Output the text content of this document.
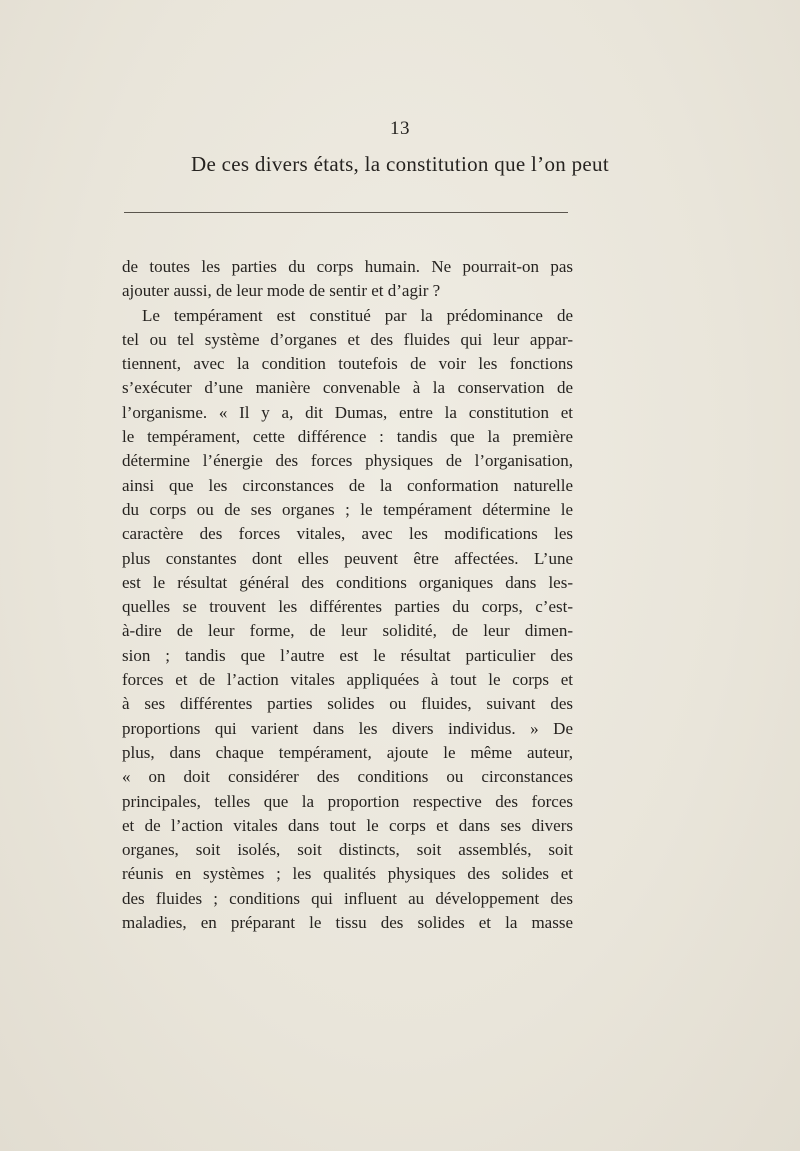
13
De ces divers états, la constitution que l’on peut
de toutes les parties du corps humain. Ne pourrait-on pas
ajouter aussi, de leur mode de sentir et d’agir ?
Le tempérament est constitué par la prédominance de
tel ou tel système d’organes et des fluides qui leur appar-
tiennent, avec la condition toutefois de voir les fonctions
s’exécuter d’une manière convenable à la conservation de
l’organisme. « Il y a, dit Dumas, entre la constitution et
le tempérament, cette différence : tandis que la première
détermine l’énergie des forces physiques de l’organisation,
ainsi que les circonstances de la conformation naturelle
du corps ou de ses organes ; le tempérament détermine le
caractère des forces vitales, avec les modifications les
plus constantes dont elles peuvent être affectées. L’une
est le résultat général des conditions organiques dans les-
quelles se trouvent les différentes parties du corps, c’est-
à-dire de leur forme, de leur solidité, de leur dimen-
sion ; tandis que l’autre est le résultat particulier des
forces et de l’action vitales appliquées à tout le corps et
à ses différentes parties solides ou fluides, suivant des
proportions qui varient dans les divers individus. » De
plus, dans chaque tempérament, ajoute le même auteur,
« on doit considérer des conditions ou circonstances
principales, telles que la proportion respective des forces
et de l’action vitales dans tout le corps et dans ses divers
organes, soit isolés, soit distincts, soit assemblés, soit
réunis en systèmes ; les qualités physiques des solides et
des fluides ; conditions qui influent au développement des
maladies, en préparant le tissu des solides et la masse
